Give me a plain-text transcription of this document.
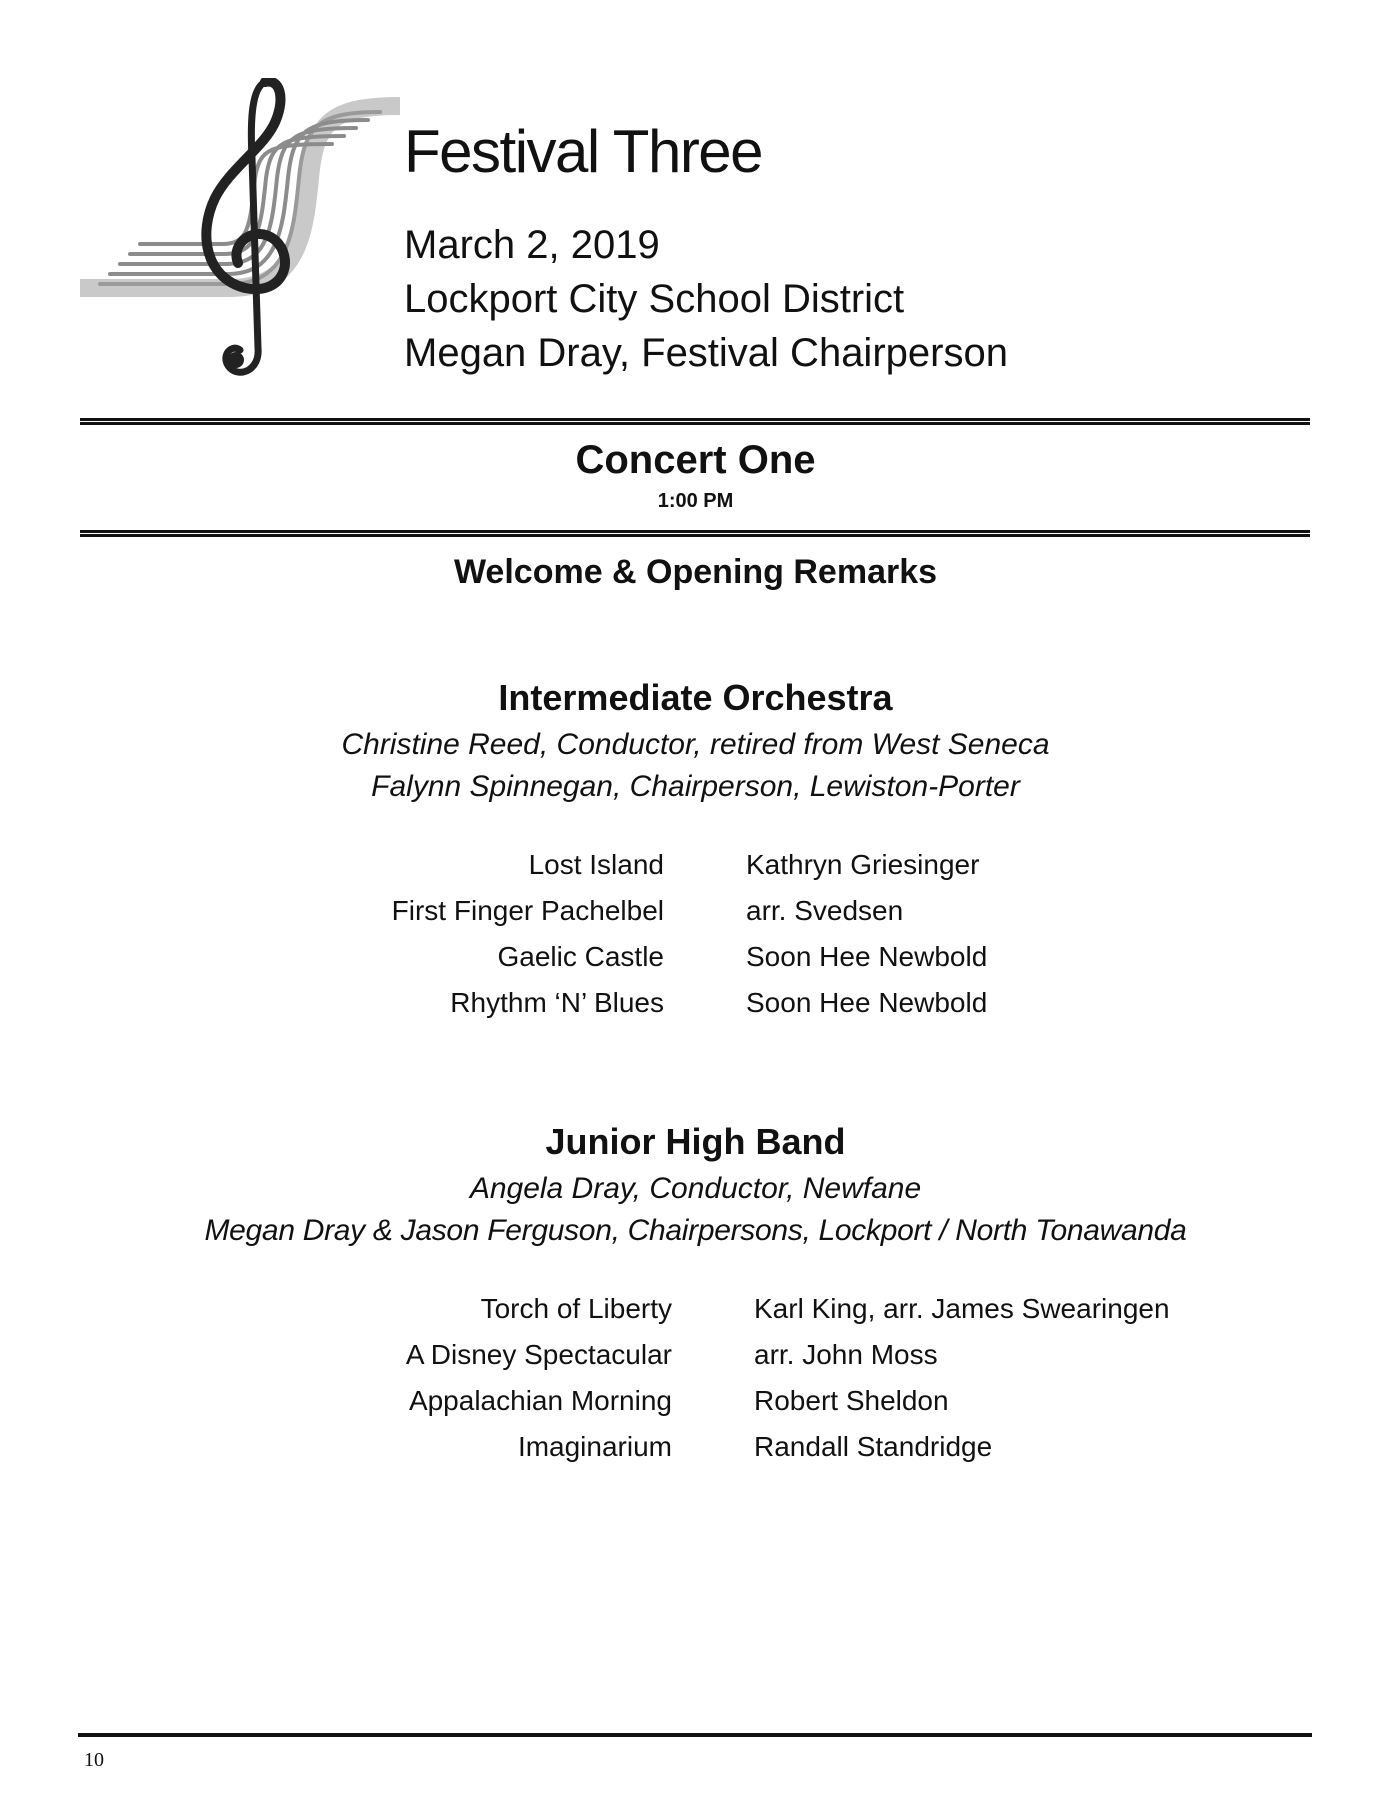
Festival Three
March 2, 2019
Lockport City School District
Megan Dray, Festival Chairperson
Concert One
1:00 PM
Welcome & Opening Remarks
Intermediate Orchestra
Christine Reed, Conductor, retired from West Seneca
Falynn Spinnegan, Chairperson, Lewiston-Porter
Lost Island	Kathryn Griesinger
First Finger Pachelbel	arr. Svedsen
Gaelic Castle	Soon Hee Newbold
Rhythm ‘N’ Blues	Soon Hee Newbold
Junior High Band
Angela Dray, Conductor, Newfane
Megan Dray & Jason Ferguson, Chairpersons, Lockport / North Tonawanda
Torch of Liberty	Karl King, arr. James Swearingen
A Disney Spectacular	arr. John Moss
Appalachian Morning	Robert Sheldon
Imaginarium	Randall Standridge
10
